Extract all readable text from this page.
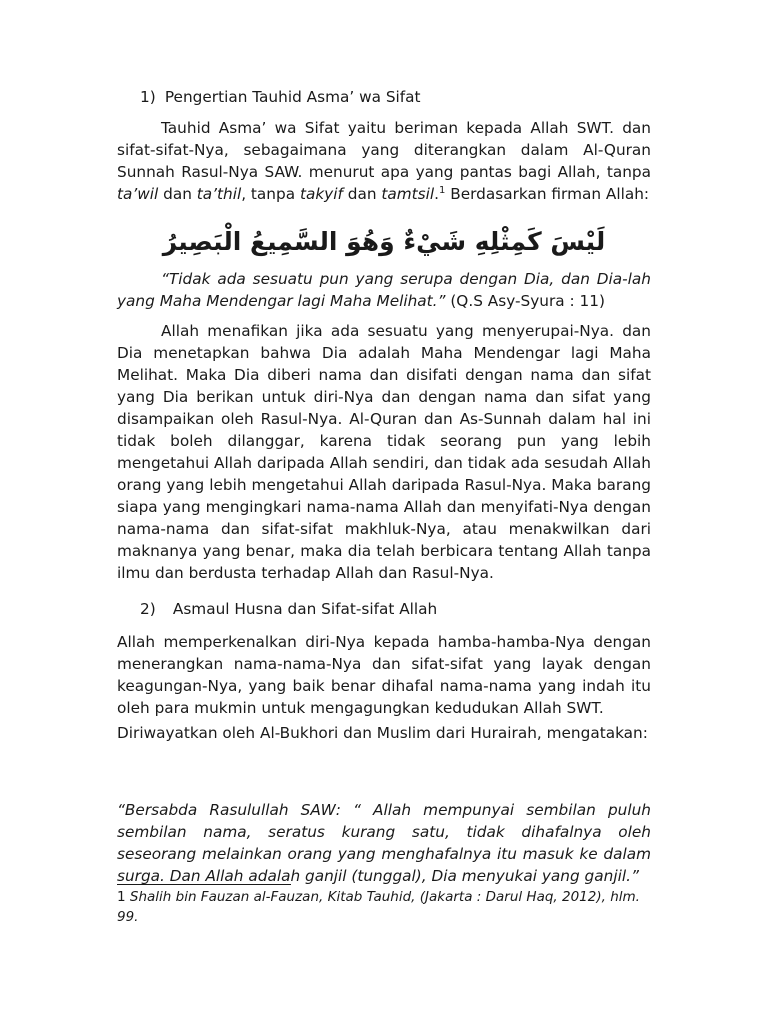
1) Pengertian Tauhid Asma’ wa Sifat

Tauhid Asma’ wa Sifat yaitu beriman kepada Allah SWT. dan sifat-sifat-Nya, sebagaimana yang diterangkan dalam Al-Quran Sunnah Rasul-Nya SAW. menurut apa yang pantas bagi Allah, tanpa ta’wil dan ta’thil, tanpa takyif dan tamtsil.$^1$ Berdasarkan firman Allah:

لَيْسَ كَمِثْلِهِ شَيْءٌ وَهُوَ السَّمِيعُ الْبَصِيرُ

“Tidak ada sesuatu pun yang serupa dengan Dia, dan Dia-lah yang Maha Mendengar lagi Maha Melihat.” (Q.S Asy-Syura : 11)

Allah menafikan jika ada sesuatu yang menyerupai-Nya. dan Dia menetapkan bahwa Dia adalah Maha Mendengar lagi Maha Melihat. Maka Dia diberi nama dan disifati dengan nama dan sifat yang Dia berikan untuk diri-Nya dan dengan nama dan sifat yang disampaikan oleh Rasul-Nya. Al-Quran dan As-Sunnah dalam hal ini tidak boleh dilanggar, karena tidak seorang pun yang lebih mengetahui Allah daripada Allah sendiri, dan tidak ada sesudah Allah orang yang lebih mengetahui Allah daripada Rasul-Nya. Maka barang siapa yang mengingkari nama-nama Allah dan menyifati-Nya dengan nama-nama dan sifat-sifat makhluk-Nya, atau menakwilkan dari maknanya yang benar, maka dia telah berbicara tentang Allah tanpa ilmu dan berdusta terhadap Allah dan Rasul-Nya.

2) Asmaul Husna dan Sifat-sifat Allah

Allah memperkenalkan diri-Nya kepada hamba-hamba-Nya dengan menerangkan nama-nama-Nya dan sifat-sifat yang layak dengan keagungan-Nya, yang baik benar dihafal nama-nama yang indah itu oleh para mukmin untuk mengagungkan kedudukan Allah SWT.

Diriwayatkan oleh Al-Bukhori dan Muslim dari Hurairah, mengatakan:

“Bersabda Rasulullah SAW: “ Allah mempunyai sembilan puluh sembilan nama, seratus kurang satu, tidak dihafalnya oleh seseorang melainkan orang yang menghafalnya itu masuk ke dalam surga. Dan Allah adalah ganjil (tunggal), Dia menyukai yang ganjil.”

1 Shalih bin Fauzan al-Fauzan, Kitab Tauhid, (Jakarta : Darul Haq, 2012), hlm. 99.
